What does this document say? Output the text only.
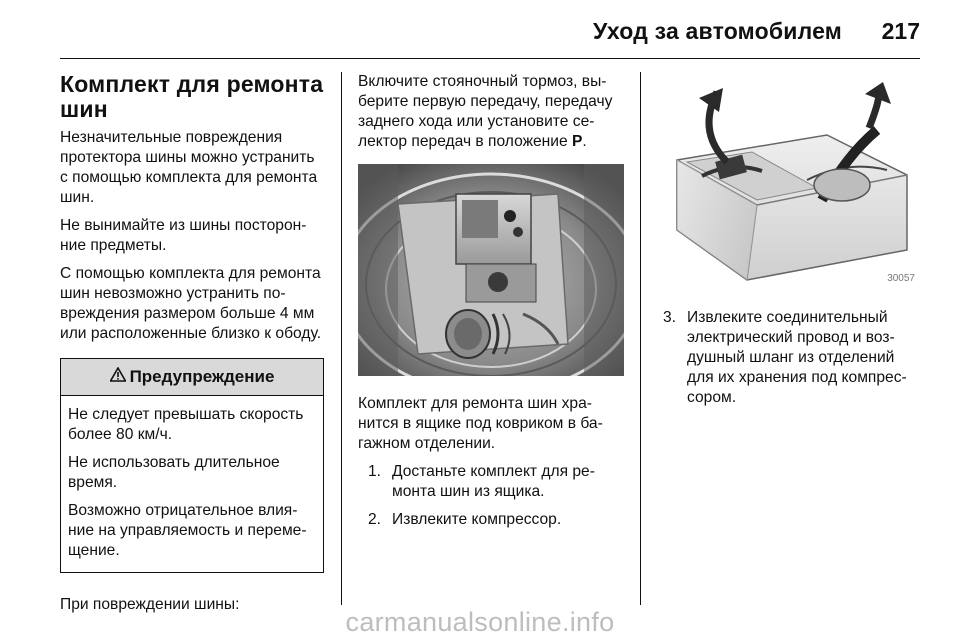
Уход за автомобилем 217
Комплект для ремонта
шин

Незначительные повреждения протектора шины можно устранить с помощью комплекта для ремонта шин.

Не вынимайте из шины посторон-ние предметы.

С помощью комплекта для ремонта шин невозможно устранить по-вреждения размером больше 4 мм или расположенные близко к ободу.

Предупреждение

Не следует превышать скорость более 80 км/ч.

Не использовать длительное время.

Возможно отрицательное влия-ние на управляемость и переме-щение.

При повреждении шины:

Включите стояночный тормоз, вы-берите первую передачу, передачу заднего хода или установите се-лектор передач в положение P.

Комплект для ремонта шин хра-нится в ящике под ковриком в ба-гажном отделении.

1. Достаньте комплект для ре-монта шин из ящика.
2. Извлеките компрессор.
30057
3. Извлеките соединительный электрический провод и воз-душный шланг из отделений для их хранения под компрес-сором.
carmanualsonline.info
